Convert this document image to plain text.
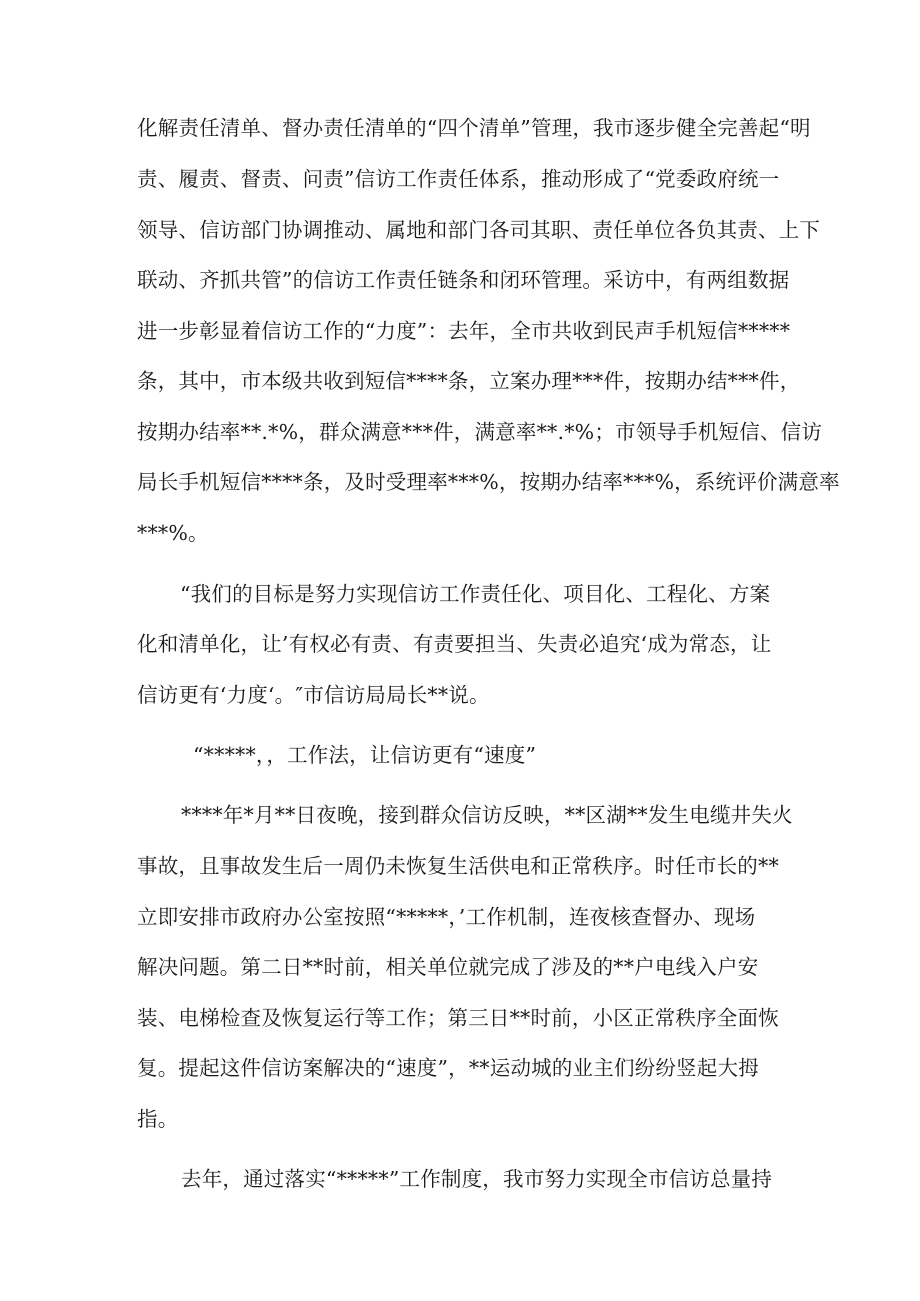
化解责任清单、督办责任清单的“四个清单”管理，我市逐步健全完善起“明
责、履责、督责、问责”信访工作责任体系，推动形成了“党委政府统一
领导、信访部门协调推动、属地和部门各司其职、责任单位各负其责、上下
联动、齐抓共管”的信访工作责任链条和闭环管理。采访中，有两组数据
进一步彰显着信访工作的“力度”：去年，全市共收到民声手机短信*****
条，其中，市本级共收到短信****条，立案办理***件，按期办结***件，
按期办结率**.*%，群众满意***件，满意率**.*%；市领导手机短信、信访
局长手机短信****条，及时受理率***%，按期办结率***%，系统评价满意率
***%。
“我们的目标是努力实现信访工作责任化、项目化、工程化、方案
化和清单化，让’有权必有责、有责要担当、失责必追究‘成为常态，让
信访更有‘力度‘。″市信访局局长**说。
“*****，，工作法，让信访更有“速度”
****年*月**日夜晚，接到群众信访反映，**区湖**发生电缆井失火
事故，且事故发生后一周仍未恢复生活供电和正常秩序。时任市长的**
立即安排市政府办公室按照“*****，’工作机制，连夜核查督办、现场
解决问题。第二日**时前，相关单位就完成了涉及的**户电线入户安
装、电梯检查及恢复运行等工作；第三日**时前，小区正常秩序全面恢
复。提起这件信访案解决的“速度”，**运动城的业主们纷纷竖起大拇
指。
去年，通过落实“*****”工作制度，我市努力实现全市信访总量持
